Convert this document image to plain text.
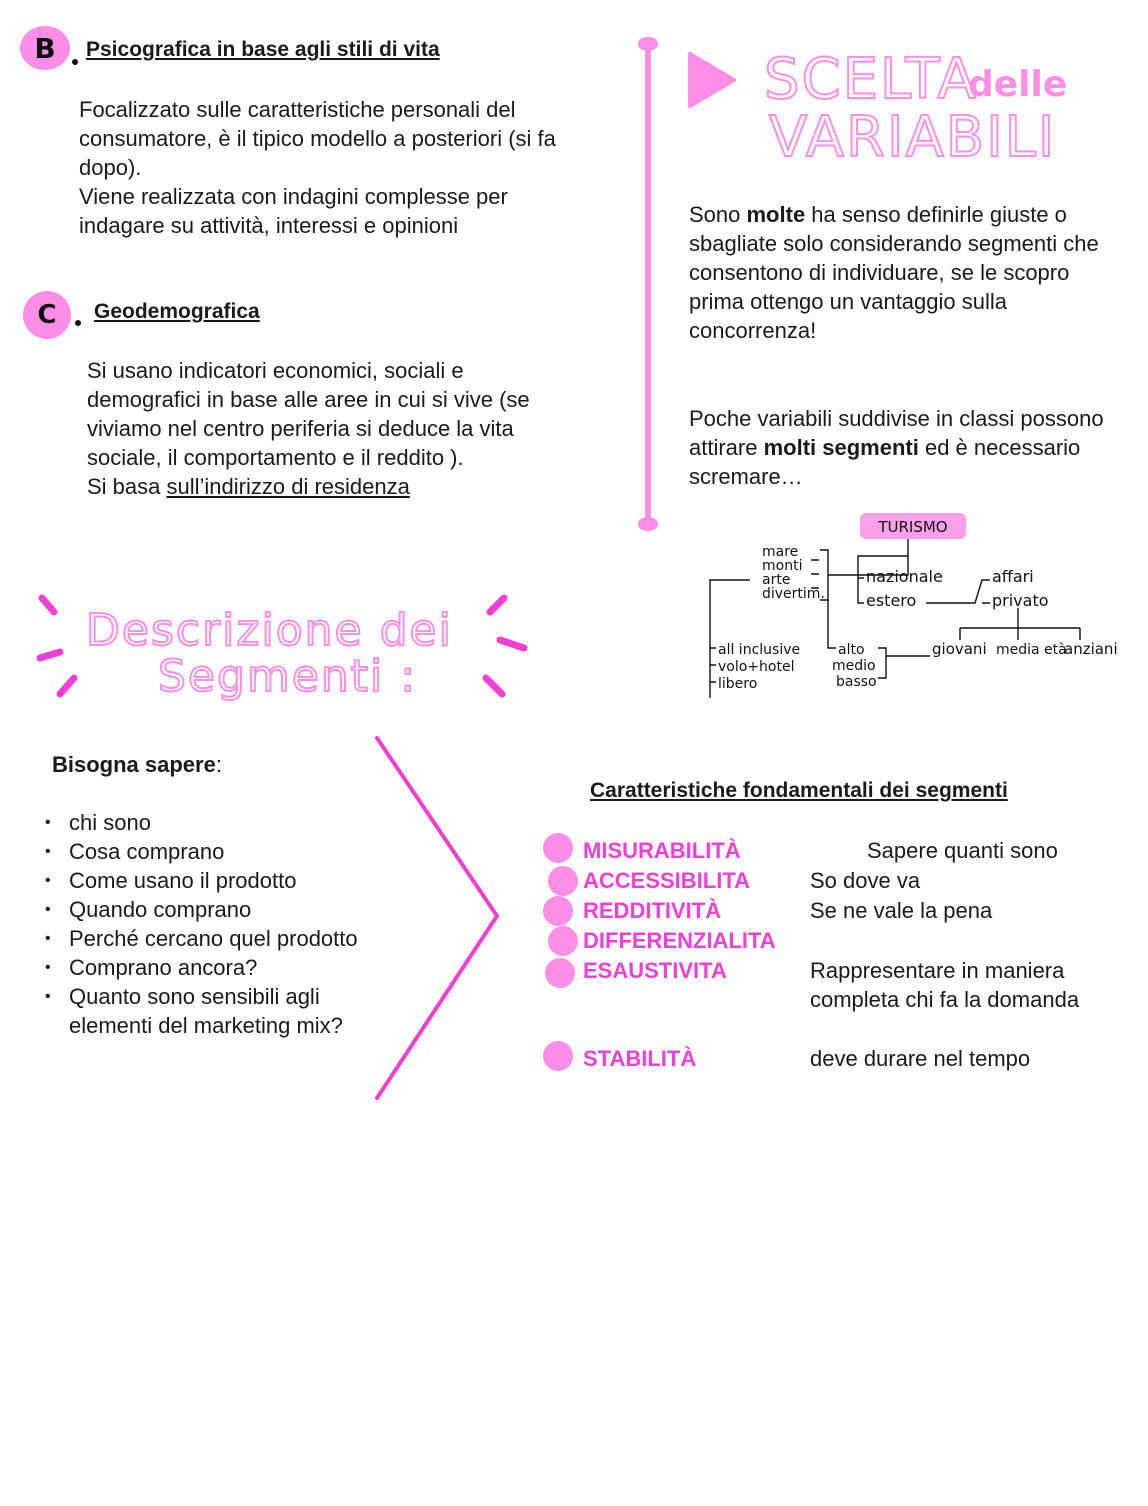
B	Psicografica in base agli stili di vita
Focalizzato sulle caratteristiche personali del
consumatore, è il tipico modello a posteriori (si fa
dopo).
Viene realizzata con indagini complesse per
indagare su attività, interessi e opinioni
C	Geodemografica
Si usano indicatori economici, sociali e
demografici in base alle aree in cui si vive (se
viviamo nel centro periferia si deduce la vita
sociale, il comportamento e il reddito ).
Si basa sull’indirizzo di residenza
SCELTA
delle
VARIABILI
Sono molte ha senso definirle giuste o sbagliate solo considerando segmenti che consentono di individuare, se le scopro prima ottengo un vantaggio sulla concorrenza!
Poche variabili suddivise in classi possono attirare molti segmenti ed è necessario scremare…
TURISMO
mare
monti
arte
divertim.
nazionale
estero
affari
privato
all inclusive
volo+hotel
libero
alto
medio
basso
giovani media età
anziani
Descrizione dei
Segmenti :
Bisogna sapere:
• chi sono
• Cosa comprano
• Come usano il prodotto
• Quando comprano
• Perché cercano quel prodotto
• Comprano ancora?
• Quanto sono sensibili agli elementi del marketing mix?
Caratteristiche fondamentali dei segmenti
MISURABILITÀ	Sapere quanti sono
ACCESSIBILITA	So dove va
REDDITIVITÀ	Se ne vale la pena
DIFFERENZIALITA
ESAUSTIVITA	Rappresentare in maniera completa chi fa la domanda
STABILITÀ	deve durare nel tempo
